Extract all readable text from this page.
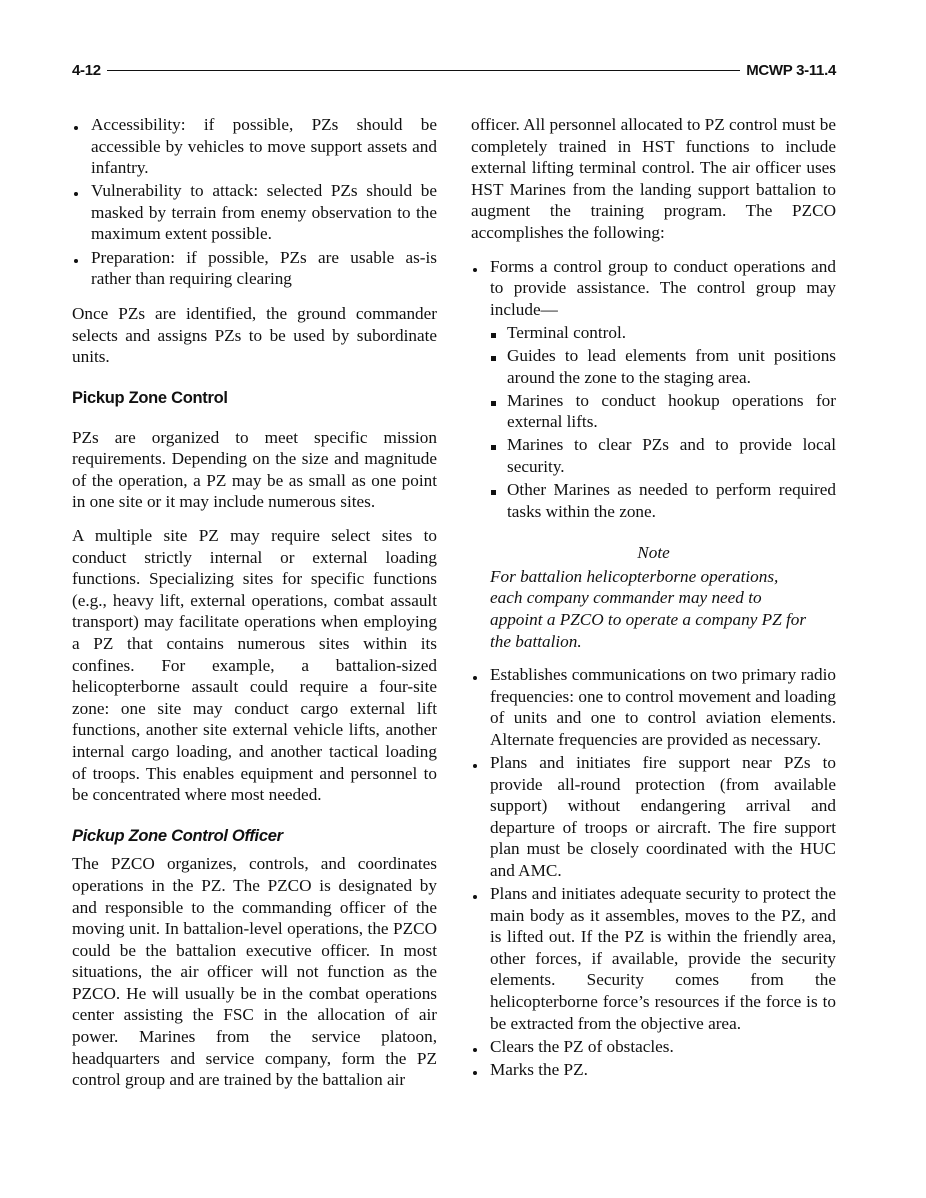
4-12	MCWP 3-11.4
Accessibility: if possible, PZs should be accessible by vehicles to move support assets and infantry.
Vulnerability to attack: selected PZs should be masked by terrain from enemy observation to the maximum extent possible.
Preparation: if possible, PZs are usable as-is rather than requiring clearing

Once PZs are identified, the ground commander selects and assigns PZs to be used by subordinate units.

Pickup Zone Control

PZs are organized to meet specific mission requirements. Depending on the size and magnitude of the operation, a PZ may be as small as one point in one site or it may include numerous sites.

A multiple site PZ may require select sites to conduct strictly internal or external loading functions. Specializing sites for specific functions (e.g., heavy lift, external operations, combat assault transport) may facilitate operations when employing a PZ that contains numerous sites within its confines. For example, a battalion-sized helicopterborne assault could require a four-site zone: one site may conduct cargo external lift functions, another site external vehicle lifts, another internal cargo loading, and another tactical loading of troops. This enables equipment and personnel to be concentrated where most needed.

Pickup Zone Control Officer

The PZCO organizes, controls, and coordinates operations in the PZ. The PZCO is designated by and responsible to the commanding officer of the moving unit. In battalion-level operations, the PZCO could be the battalion executive officer. In most situations, the air officer will not function as the PZCO. He will usually be in the combat operations center assisting the FSC in the allocation of air power. Marines from the service platoon, headquarters and service company, form the PZ control group and are trained by the battalion air

officer. All personnel allocated to PZ control must be completely trained in HST functions to include external lifting terminal control. The air officer uses HST Marines from the landing support battalion to augment the training program. The PZCO accomplishes the following:

Forms a control group to conduct operations and to provide assistance. The control group may include—
Terminal control.
Guides to lead elements from unit positions around the zone to the staging area.
Marines to conduct hookup operations for external lifts.
Marines to clear PZs and to provide local security.
Other Marines as needed to perform required tasks within the zone.
Note
For battalion helicopterborne operations, each company commander may need to appoint a PZCO to operate a company PZ for the battalion.
Establishes communications on two primary radio frequencies: one to control movement and loading of units and one to control aviation elements. Alternate frequencies are provided as necessary.
Plans and initiates fire support near PZs to provide all-round protection (from available support) without endangering arrival and departure of troops or aircraft. The fire support plan must be closely coordinated with the HUC and AMC.
Plans and initiates adequate security to protect the main body as it assembles, moves to the PZ, and is lifted out. If the PZ is within the friendly area, other forces, if available, provide the security elements. Security comes from the helicopterborne force’s resources if the force is to be extracted from the objective area.
Clears the PZ of obstacles.
Marks the PZ.
